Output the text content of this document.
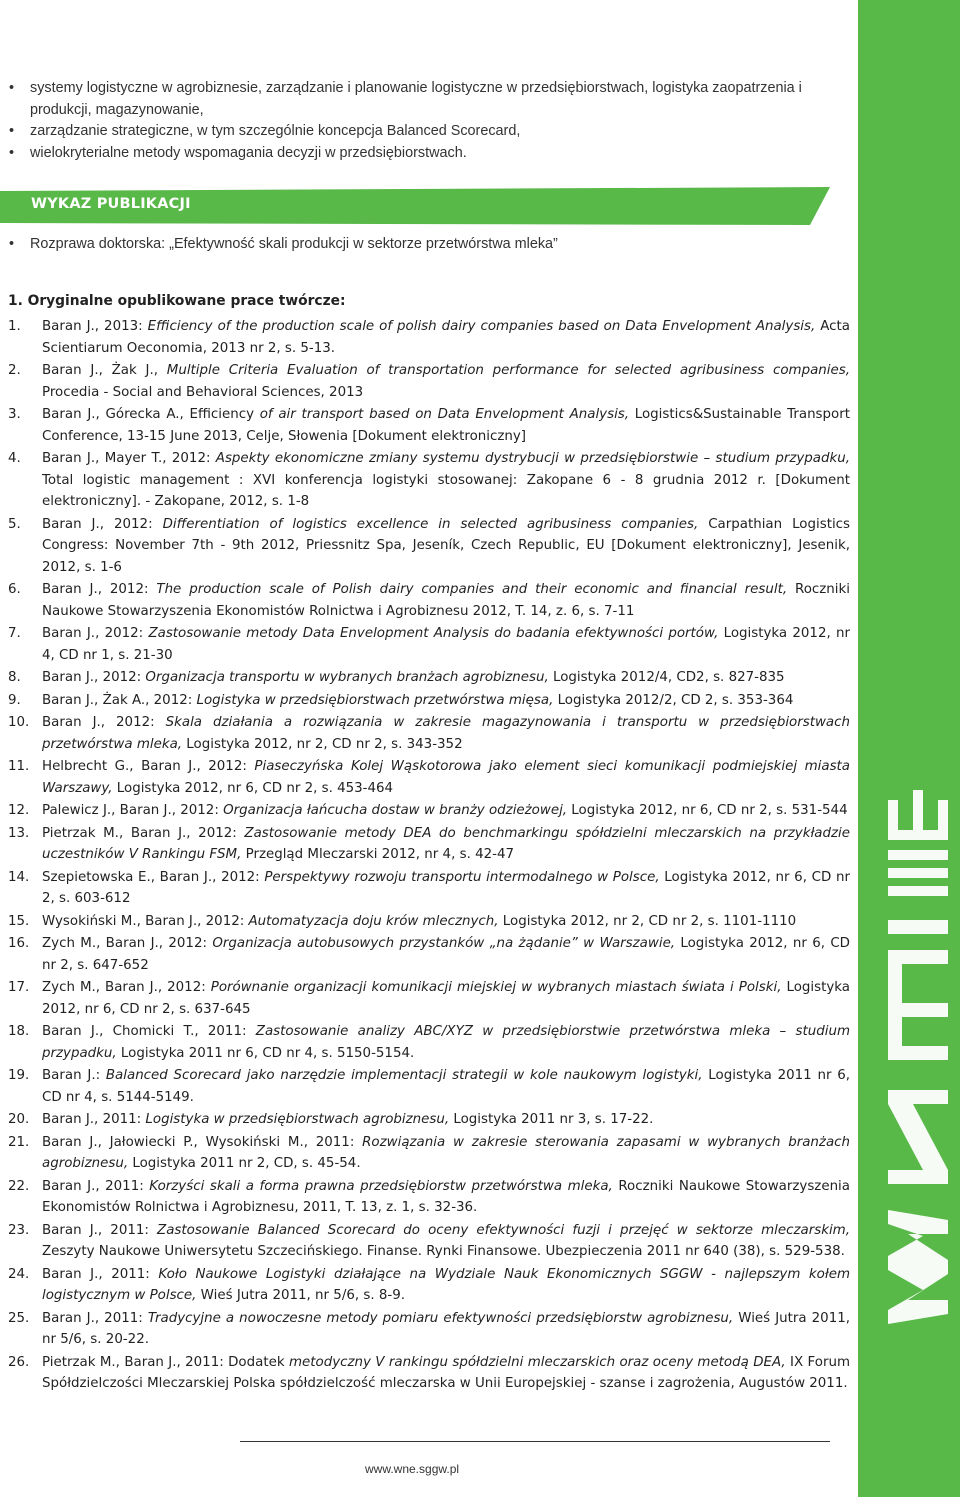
• systemy logistyczne w agrobiznesie, zarządzanie i planowanie logistyczne w przedsiębiorstwach, logistyka zaopatrzenia i produkcji, magazynowanie,
• zarządzanie strategiczne, w tym szczególnie koncepcja Balanced Scorecard,
• wielokryterialne metody wspomagania decyzji w przedsiębiorstwach.
WYKAZ PUBLIKACJI
•	Rozprawa doktorska: „Efektywność skali produkcji w sektorze przetwórstwa mleka”
1. Oryginalne opublikowane prace twórcze:
1. Baran J., 2013: Efficiency of the production scale of polish dairy companies based on Data Envelopment Analysis, Acta Scientiarum Oeconomia, 2013 nr 2, s. 5-13.
2. Baran J., Żak J., Multiple Criteria Evaluation of transportation performance for selected agribusiness companies, Procedia - Social and Behavioral Sciences, 2013
3. Baran J., Górecka A., Efficiency of air transport based on Data Envelopment Analysis, Logistics&Sustainable Transport Conference, 13-15 June 2013, Celje, Słowenia [Dokument elektroniczny]
4. Baran J., Mayer T., 2012: Aspekty ekonomiczne zmiany systemu dystrybucji w przedsiębiorstwie – studium przypadku, Total logistic management : XVI konferencja logistyki stosowanej: Zakopane 6 - 8 grudnia 2012 r. [Dokument elektroniczny]. - Zakopane, 2012, s. 1-8
5. Baran J., 2012: Differentiation of logistics excellence in selected agribusiness companies, Carpathian Logistics Congress: November 7th - 9th 2012, Priessnitz Spa, Jeseník, Czech Republic, EU [Dokument elektroniczny], Jesenik, 2012, s. 1-6
6. Baran J., 2012: The production scale of Polish dairy companies and their economic and financial result, Roczniki Naukowe Stowarzyszenia Ekonomistów Rolnictwa i Agrobiznesu 2012, T. 14, z. 6, s. 7-11
7. Baran J., 2012: Zastosowanie metody Data Envelopment Analysis do badania efektywności portów, Logistyka 2012, nr 4, CD nr 1, s. 21-30
8. Baran J., 2012: Organizacja transportu w wybranych branżach agrobiznesu, Logistyka 2012/4, CD2, s. 827-835
9. Baran J., Żak A., 2012: Logistyka w przedsiębiorstwach przetwórstwa mięsa, Logistyka 2012/2, CD 2, s. 353-364
10. Baran J., 2012: Skala działania a rozwiązania w zakresie magazynowania i transportu w przedsiębiorstwach przetwórstwa mleka, Logistyka 2012, nr 2, CD nr 2, s. 343-352
11. Helbrecht G., Baran J., 2012: Piaseczyńska Kolej Wąskotorowa jako element sieci komunikacji podmiejskiej miasta Warszawy, Logistyka 2012, nr 6, CD nr 2, s. 453-464
12. Palewicz J., Baran J., 2012: Organizacja łańcucha dostaw w branży odzieżowej, Logistyka 2012, nr 6, CD nr 2, s. 531-544
13. Pietrzak M., Baran J., 2012: Zastosowanie metody DEA do benchmarkingu spółdzielni mleczarskich na przykładzie uczestników V Rankingu FSM, Przegląd Mleczarski 2012, nr 4, s. 42-47
14. Szepietowska E., Baran J., 2012: Perspektywy rozwoju transportu intermodalnego w Polsce, Logistyka 2012, nr 6, CD nr 2, s. 603-612
15. Wysokiński M., Baran J., 2012: Automatyzacja doju krów mlecznych, Logistyka 2012, nr 2, CD nr 2, s. 1101-1110
16. Zych M., Baran J., 2012: Organizacja autobusowych przystanków „na żądanie” w Warszawie, Logistyka 2012, nr 6, CD nr 2, s. 647-652
17. Zych M., Baran J., 2012: Porównanie organizacji komunikacji miejskiej w wybranych miastach świata i Polski, Logistyka 2012, nr 6, CD nr 2, s. 637-645
18. Baran J., Chomicki T., 2011: Zastosowanie analizy ABC/XYZ w przedsiębiorstwie przetwórstwa mleka – studium przypadku, Logistyka 2011 nr 6, CD nr 4, s. 5150-5154.
19. Baran J.: Balanced Scorecard jako narzędzie implementacji strategii w kole naukowym logistyki, Logistyka 2011 nr 6, CD nr 4, s. 5144-5149.
20. Baran J., 2011: Logistyka w przedsiębiorstwach agrobiznesu, Logistyka 2011 nr 3, s. 17-22.
21. Baran J., Jałowiecki P., Wysokiński M., 2011: Rozwiązania w zakresie sterowania zapasami w wybranych branżach agrobiznesu, Logistyka 2011 nr 2, CD, s. 45-54.
22. Baran J., 2011: Korzyści skali a forma prawna przedsiębiorstw przetwórstwa mleka, Roczniki Naukowe Stowarzyszenia Ekonomistów Rolnictwa i Agrobiznesu, 2011, T. 13, z. 1, s. 32-36.
23. Baran J., 2011: Zastosowanie Balanced Scorecard do oceny efektywności fuzji i przejęć w sektorze mleczarskim, Zeszyty Naukowe Uniwersytetu Szczecińskiego. Finanse. Rynki Finansowe. Ubezpieczenia 2011 nr 640 (38), s. 529-538.
24. Baran J., 2011: Koło Naukowe Logistyki działające na Wydziale Nauk Ekonomicznych SGGW - najlepszym kołem logistycznym w Polsce, Wieś Jutra 2011, nr 5/6, s. 8-9.
25. Baran J., 2011: Tradycyjne a nowoczesne metody pomiaru efektywności przedsiębiorstw agrobiznesu, Wieś Jutra 2011, nr 5/6, s. 20-22.
26. Pietrzak M., Baran J., 2011: Dodatek metodyczny V rankingu spółdzielni mleczarskich oraz oceny metodą DEA, IX Forum Spółdzielczości Mleczarskiej Polska spółdzielczość mleczarska w Unii Europejskiej - szanse i zagrożenia, Augustów 2011.
www.wne.sggw.pl
